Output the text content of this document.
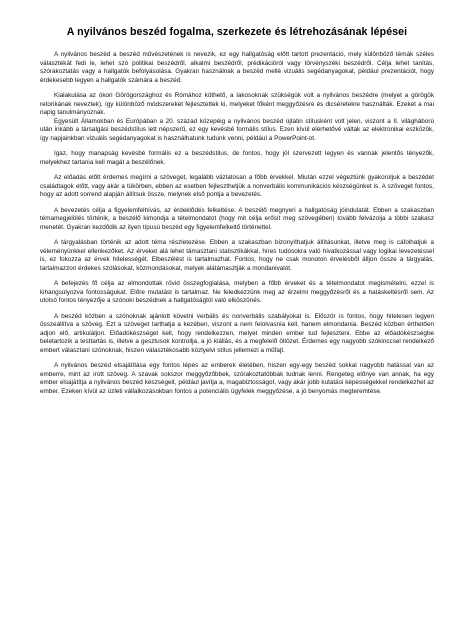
A nyilvános beszéd fogalma, szerkezete és létrehozásának lépései

A nyilvános beszéd a beszéd művészetének is nevezik, ez egy hallgatóság előtt tartott prezentáció, mely különböző témák széles választékát fedi le, lehet szó politikai beszédről, alkalmi beszédről, prédikációról vagy törvényszéki beszédről. Célja lehet tanítás, szórakoztatás vagy a hallgatók befolyásolása. Gyakran használnak a beszéd mellé vizuális segédanyagokat, például prezentációt, hogy érdekesebb legyen a hallgatók számára a beszéd.

Kialakulása az ókori Görögországhoz és Rómához köthető, a lakosoknak szükségük volt a nyilvános beszédre (melyet a görögök retorikának neveztek), így különböző módszereket fejlesztettek ki, melyeket főként meggyőzésre és dicséretekre használták. Ezeket a mai napig tanulmányoznak.

Egyesült Államokban és Európában a 20. század közepéig a nyilvános beszéd újtatin stílusként volt jelen, viszont a II. világháború után inkább a társalgási beszédstílus lett népszerű, ez egy kevésbé formális stílus. Ezen kívül elérhetővé váltak az elektronikai eszközök, így napjainkban vizuális segédanyagokat is használhatunk tudunk venni, például a PowerPoint-ot.

Igaz, hogy manapság kevésbé formális ez a beszédstílus, de fontos, hogy jól szervezett legyen és vannak jelentős tényezők, melyekhez tartania kell magát a beszélőnek.

Az előadás előtt érdemes megírni a szöveget, legalább vázlatosan a főbb érvekkel. Miután ezzel végeztünk gyakoroljuk a beszédet családtagok előtt, vagy akár a tükörben, ebben az esetben fejleszthetjük a nonverbális kommunikációs készségünket is. A szöveget fontos, hogy az adott sorrend alapján állítsuk össze, melynek első pontja a bevezetés.

A bevezetés célja a figyelemfelhívás, az érdeklődés felkeltése. A beszélő megnyeri a hallgatóság jóindulatát. Ebben a szakaszban témamegjelölés történik, a beszélő kimondja a tételmondatot (hogy mit célja erősít meg szövegében) tovább felvázolja a többi szakasz menetét. Gyakran kezdődik az ilyen típusú beszéd egy figyelemfelkeltő történettel.

A tárgyalásban történik az adott téma részletezése. Ebben a szakaszban bizonyíthatjuk állításunkat, illetve meg is cáfolhatjuk a véleményünkkel ellenkezőket. Az érveket alá lehet támasztani statisztikákkal, híres tudósokra való hivatkozással vagy logikai levezetéssel is, ez fokozza az érvek hitelességét. Elbeszélést is tartalmazhat. Fontos, hogy ne csak monoton érvelésből álljon össze a tárgyalás, tartalmazzon érdekes szólásokat, közmondásokat, melyek alátámasztják a mondanivalót.

A befejezés fő célja az elmondottak rövid összegfoglalása, melyben a főbb érveket és a tételmondatot megismételni, ezzel is kihangsúlyozva fontosságukat. Előre mutatást is tartalmaz. Ne feledkezzünk meg az érzelmi meggyőzésről és a hatáskeltésről sem. Az utolsó fontos tényezője a szónoki beszédnek a hallgatóságtól való elköszönés.

A beszéd közben a szónoknak ajánlott követni verbális és nonverbális szabályokat is. Először is fontos, hogy hitelesen legyen összeállítva a szöveg. Ezt a szöveget tarthatja a kezében, viszont a nem felolvasnia kell, hanem elmondania. Beszéd közben érthetően adjon elő, artikuláljon. Előadókészséget kell, hogy rendelkezzen, melyet minden ember tud fejleszteni. Ebbe az előadókészségbe beletartozik a testtartás is, illetve a gesztusok kontrollja, a jó kiállás, és a megfelelő öltözet. Érdemes egy nagyobb szókinccsel rendelkező embert választani szónoknak, hiszen választékosabb közlyelvi stílus jellemezi a műfajt.

A nyilvános beszéd elsajátítása egy fontos lépés az emberek életében, hiszen egy-egy beszéd sokkal nagyobb hatással van az emberre, mint az írott szöveg. A szavak sokszor meggyőzőbbek, szórakoztatóbbak tudnak lenni. Rengeteg előnye van annak, ha egy ember elsajátítja a nyilvános beszéd készségeit, például javítja a, magabiztosságot, vagy akár jobb kutatási képességekkel rendelkezhet az ember. Ezeken kívül az üzleti vállalkozásokban fontos a potenciális ügyfelek meggyőzése, a jó benyomás megteremtése.
